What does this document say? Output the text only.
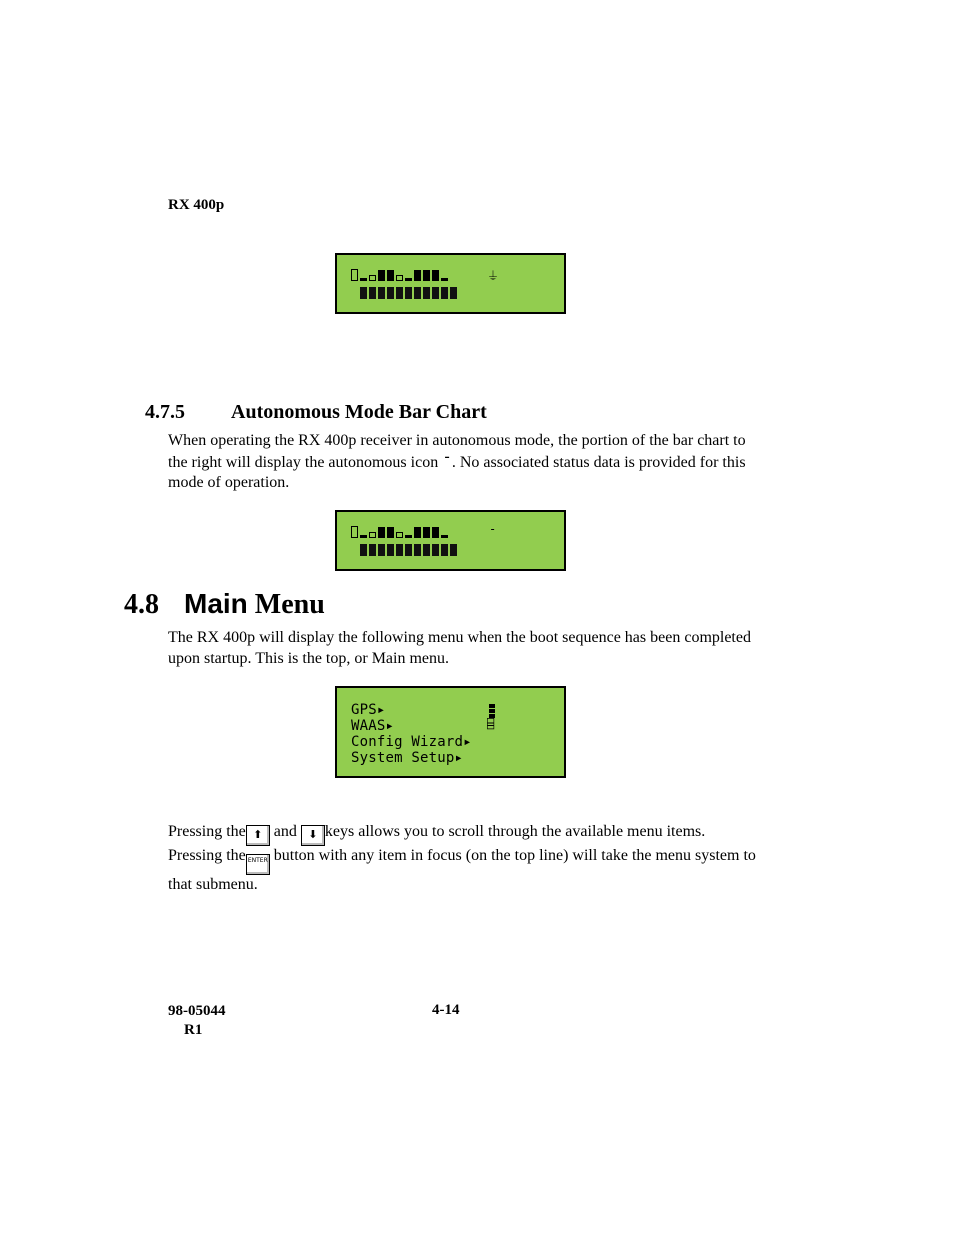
RX 400p
⏚
4.7.5 Autonomous Mode Bar Chart
When operating the RX 400p receiver in autonomous mode, the portion of the bar chart to the right will display the autonomous icon -. No associated status data is provided for this mode of operation.
-
4.8 Main Menu
The RX 400p will display the following menu when the boot sequence has been completed upon startup. This is the top, or Main menu.
GPS▸
WAAS▸
Config Wizard▸
System Setup▸
⌸
Pressing the ⬆ and ⬇ keys allows you to scroll through the available menu items.
Pressing the ENTER button with any item in focus (on the top line) will take the menu system to that submenu.
98-05044
R1
4-14
